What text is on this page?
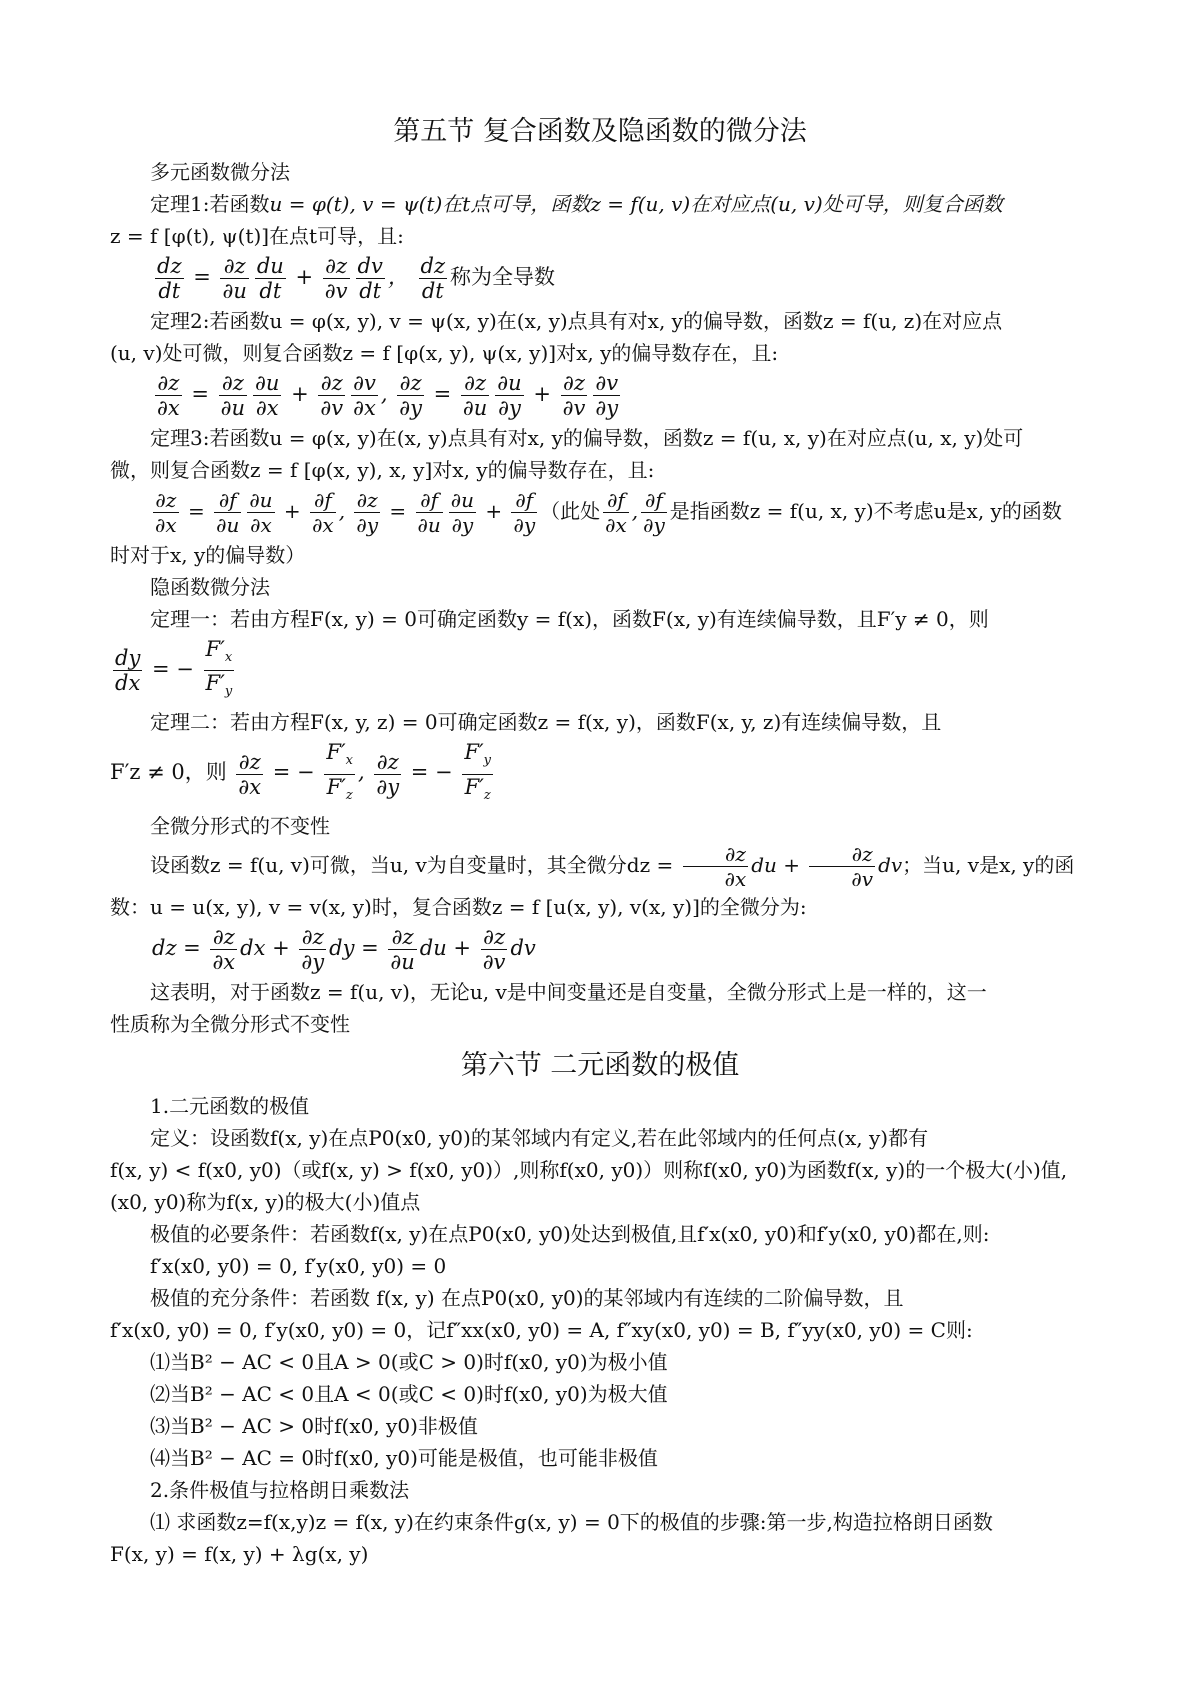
第五节 复合函数及隐函数的微分法
多元函数微分法

定理1:若函数u = φ(t), v = ψ(t)在t点可导，函数z = f(u, v)在对应点(u, v)处可导，则复合函数

z = f [φ(t), ψ(t)]在点t可导，且:

$\frac{dz}{dt} = \frac{\partial z}{\partial u} \frac{du}{dt} + \frac{\partial z}{\partial v} \frac{dv}{dt}$ ， $\frac{dz}{dt}$ 称为全导数

定理2:若函数u = φ(x, y), v = ψ(x, y)在(x, y)点具有对x, y的偏导数，函数z = f(u, z)在对应点

(u, v)处可微，则复合函数z = f [φ(x, y), ψ(x, y)]对x, y的偏导数存在，且:

$\frac{\partial z}{\partial x} = \frac{\partial z}{\partial u} \frac{\partial u}{\partial x} + \frac{\partial z}{\partial v} \frac{\partial v}{\partial x}$ , $\frac{\partial z}{\partial y} = \frac{\partial z}{\partial u} \frac{\partial u}{\partial y} + \frac{\partial z}{\partial v} \frac{\partial v}{\partial y}$

定理3:若函数u = φ(x, y)在(x, y)点具有对x, y的偏导数，函数z = f(u, x, y)在对应点(u, x, y)处可

微，则复合函数z = f [φ(x, y), x, y]对x, y的偏导数存在，且:

$\frac{\partial z}{\partial x} = \frac{\partial f}{\partial u} \frac{\partial u}{\partial x} + \frac{\partial f}{\partial x}$ , $\frac{\partial z}{\partial y} = \frac{\partial f}{\partial u} \frac{\partial u}{\partial y} + \frac{\partial f}{\partial y}$ （此处 $\frac{\partial f}{\partial x}$ , $\frac{\partial f}{\partial y}$ 是指函数z = f(u, x, y)不考虑u是x, y的函数

时对于x, y的偏导数）

隐函数微分法

定理一：若由方程F(x, y) = 0可确定函数y = f(x)，函数F(x, y)有连续偏导数，且F′y ≠ 0，则

$\frac{dy}{dx}$ = − $\frac{F'_x}{F'_y}$

定理二：若由方程F(x, y, z) = 0可确定函数z = f(x, y)，函数F(x, y, z)有连续偏导数，且

F′z ≠ 0，则 $\frac{\partial z}{\partial x}$ = − $\frac{F'_x}{F'_z}$ , $\frac{\partial z}{\partial y}$ = − $\frac{F'_y}{F'_z}$
全微分形式的不变性

设函数z = f(u, v)可微，当u, v为自变量时，其全微分dz = $\frac{\partial z}{\partial x}$ du + $\frac{\partial z}{\partial v}$ dv；当u, v是x, y的函

数：u = u(x, y), v = v(x, y)时，复合函数z = f [u(x, y), v(x, y)]的全微分为:

dz = $\frac{\partial z}{\partial x}$ dx + $\frac{\partial z}{\partial y}$ dy = $\frac{\partial z}{\partial u}$ du + $\frac{\partial z}{\partial v}$ dv

这表明，对于函数z = f(u, v)，无论u, v是中间变量还是自变量，全微分形式上是一样的，这一

性质称为全微分形式不变性

第六节 二元函数的极值
1.二元函数的极值

定义：设函数f(x, y)在点P0(x0, y0)的某邻域内有定义,若在此邻域内的任何点(x, y)都有

f(x, y) < f(x0, y0)（或f(x, y) > f(x0, y0)）,则称f(x0, y0)）则称f(x0, y0)为函数f(x, y)的一个极大(小)值,

(x0, y0)称为f(x, y)的极大(小)值点

极值的必要条件：若函数f(x, y)在点P0(x0, y0)处达到极值,且f′x(x0, y0)和f′y(x0, y0)都在,则:

f′x(x0, y0) = 0, f′y(x0, y0) = 0

极值的充分条件：若函数 f(x, y) 在点P0(x0, y0)的某邻域内有连续的二阶偏导数，且

f′x(x0, y0) = 0, f′y(x0, y0) = 0，记f″xx(x0, y0) = A, f″xy(x0, y0) = B, f″yy(x0, y0) = C则:

⑴当B² − AC < 0且A > 0(或C > 0)时f(x0, y0)为极小值

⑵当B² − AC < 0且A < 0(或C < 0)时f(x0, y0)为极大值

⑶当B² − AC > 0时f(x0, y0)非极值

⑷当B² − AC = 0时f(x0, y0)可能是极值，也可能非极值

2.条件极值与拉格朗日乘数法

⑴ 求函数z=f(x,y)z = f(x, y)在约束条件g(x, y) = 0下的极值的步骤:第一步,构造拉格朗日函数

F(x, y) = f(x, y) + λg(x, y)
